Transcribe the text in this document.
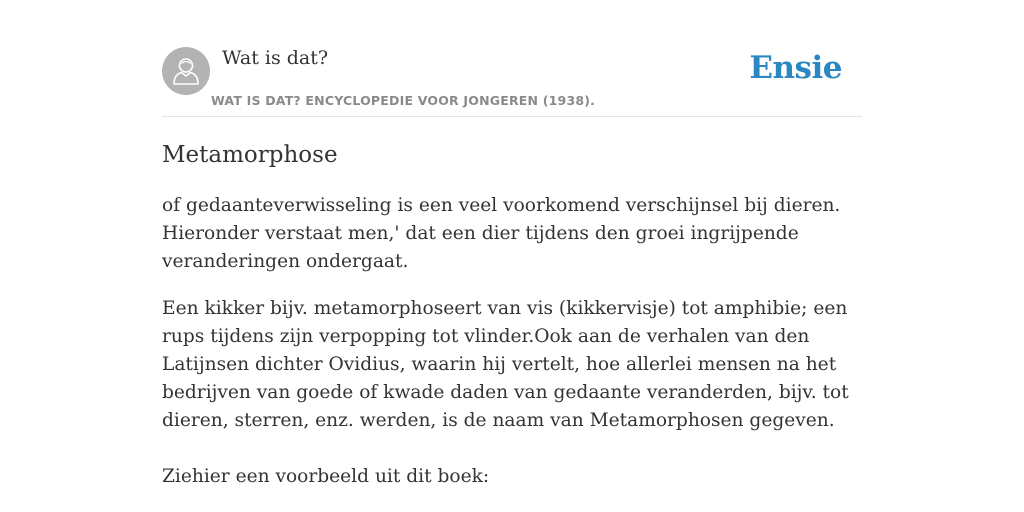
Wat is dat?
WAT IS DAT? ENCYCLOPEDIE VOOR JONGEREN (1938).
Ensie
Metamorphose

of gedaanteverwisseling is een veel voorkomend verschijnsel bij dieren. Hieronder verstaat men,' dat een dier tijdens den groei ingrijpende veranderingen ondergaat.

Een kikker bijv. metamorphoseert van vis (kikkervisje) tot amphibie; een rups tijdens zijn verpopping tot vlinder.Ook aan de verhalen van den Latijnsen dichter Ovidius, waarin hij vertelt, hoe allerlei mensen na het bedrijven van goede of kwade daden van gedaante veranderden, bijv. tot dieren, sterren, enz. werden, is de naam van Metamorphosen gegeven.

Ziehier een voorbeeld uit dit boek:
